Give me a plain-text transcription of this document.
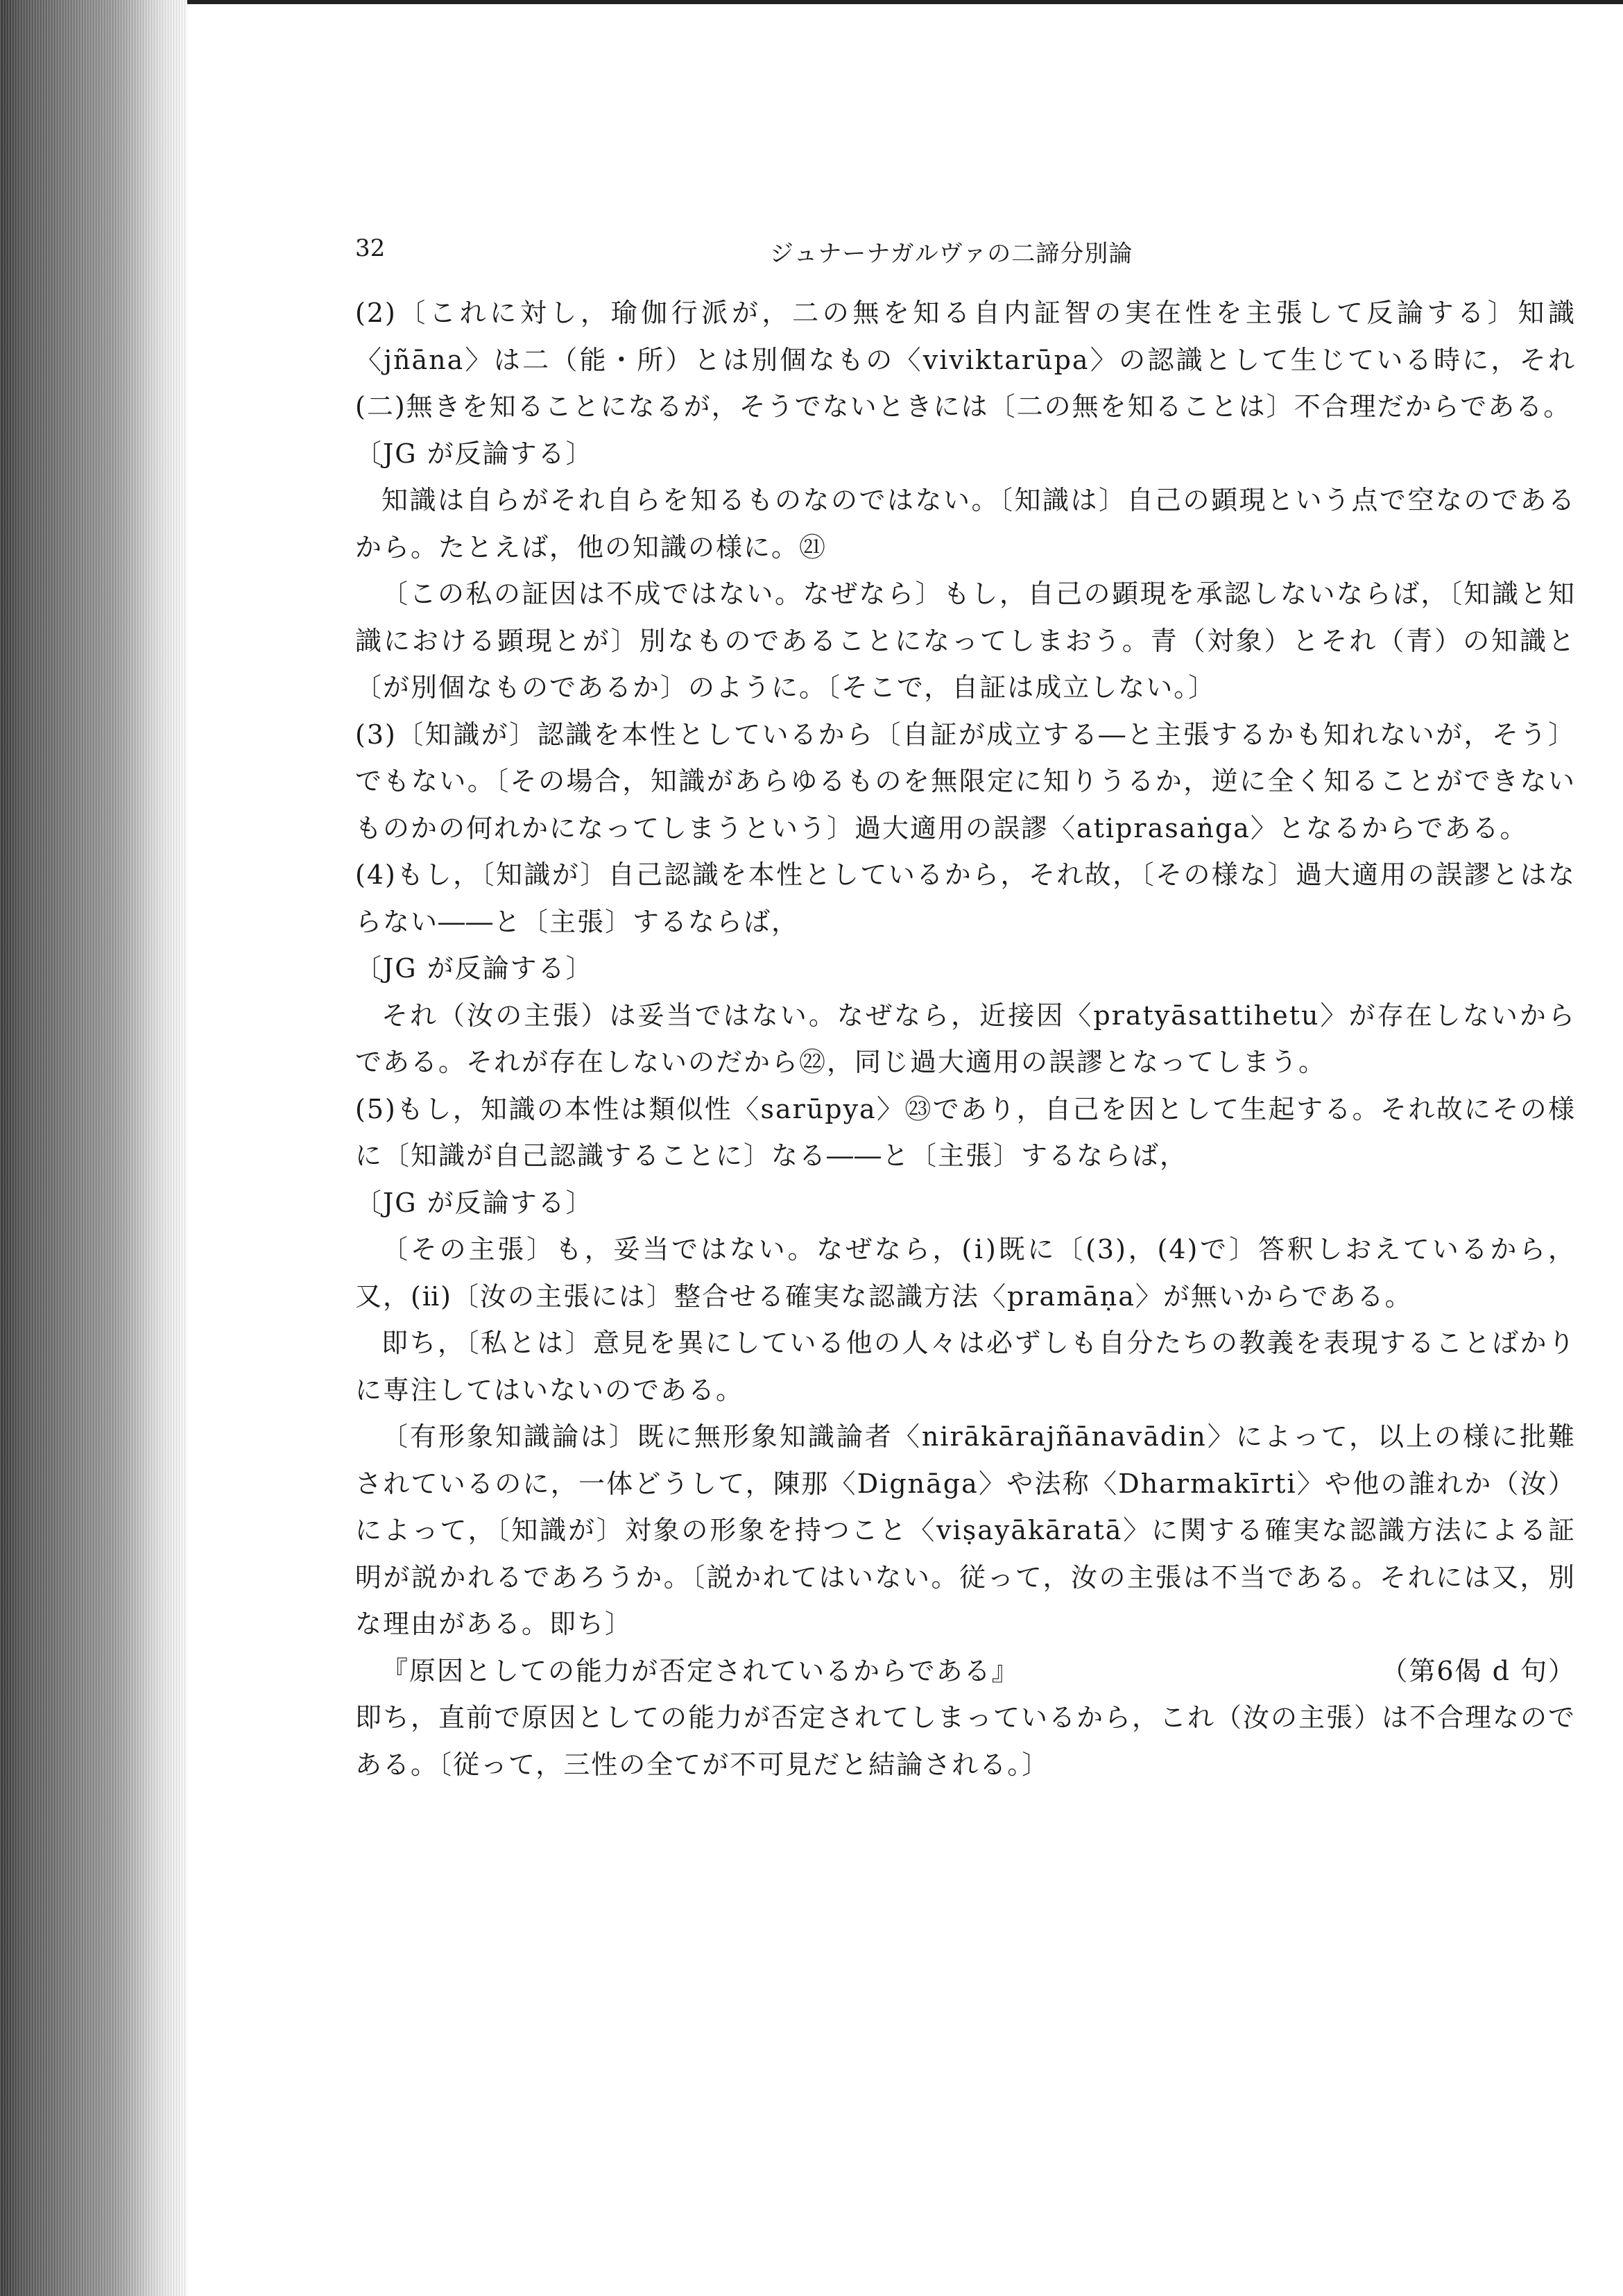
32	ジュナーナガルヴァの二諦分別論

(2)〔これに対し，瑜伽行派が，二の無を知る自内証智の実在性を主張して反論する〕知識〈jñāna〉は二（能・所）とは別個なもの〈viviktarūpa〉の認識として生じている時に，それ(二)無きを知ることになるが，そうでないときには〔二の無を知ることは〕不合理だからである。

〔JG が反論する〕

知識は自らがそれ自らを知るものなのではない。〔知識は〕自己の顕現という点で空なのであるから。たとえば，他の知識の様に。㉑

〔この私の証因は不成ではない。なぜなら〕もし，自己の顕現を承認しないならば，〔知識と知識における顕現とが〕別なものであることになってしまおう。青（対象）とそれ（青）の知識と〔が別個なものであるか〕のように。〔そこで，自証は成立しない。〕

(3)〔知識が〕認識を本性としているから〔自証が成立する―と主張するかも知れないが，そう〕でもない。〔その場合，知識があらゆるものを無限定に知りうるか，逆に全く知ることができないものかの何れかになってしまうという〕過大適用の誤謬〈atiprasaṅga〉となるからである。

(4)もし，〔知識が〕自己認識を本性としているから，それ故，〔その様な〕過大適用の誤謬とはならない――と〔主張〕するならば，

〔JG が反論する〕

それ（汝の主張）は妥当ではない。なぜなら，近接因〈pratyāsattihetu〉が存在しないからである。それが存在しないのだから㉒，同じ過大適用の誤謬となってしまう。

(5)もし，知識の本性は類似性〈sarūpya〉㉓であり，自己を因として生起する。それ故にその様に〔知識が自己認識することに〕なる――と〔主張〕するならば，

〔JG が反論する〕

〔その主張〕も，妥当ではない。なぜなら，(ⅰ)既に〔(3)，(4)で〕答釈しおえているから，又，(ⅱ)〔汝の主張には〕整合せる確実な認識方法〈pramāṇa〉が無いからである。

即ち，〔私とは〕意見を異にしている他の人々は必ずしも自分たちの教義を表現することばかりに専注してはいないのである。

〔有形象知識論は〕既に無形象知識論者〈nirākārajñānavādin〉によって，以上の様に批難されているのに，一体どうして，陳那〈Dignāga〉や法称〈Dharmakīrti〉や他の誰れか（汝）によって，〔知識が〕対象の形象を持つこと〈viṣayākāratā〉に関する確実な認識方法による証明が説かれるであろうか。〔説かれてはいない。従って，汝の主張は不当である。それには又，別な理由がある。即ち〕

『原因としての能力が否定されているからである』	（第6偈 d 句）

即ち，直前で原因としての能力が否定されてしまっているから，これ（汝の主張）は不合理なのである。〔従って，三性の全てが不可見だと結論される。〕
